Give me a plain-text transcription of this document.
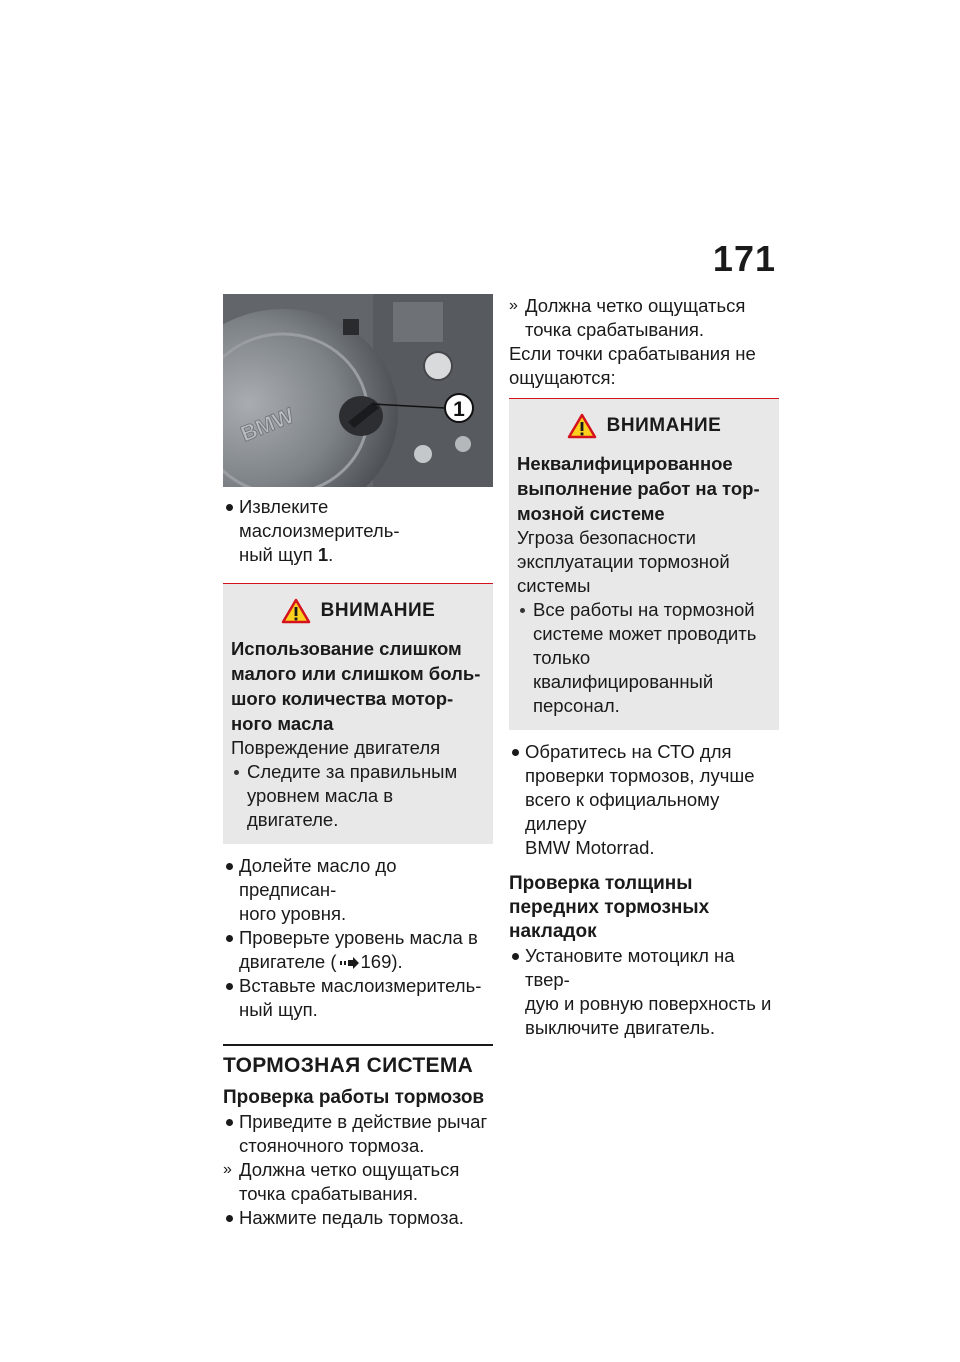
171
BMW	1
Извлеките маслоизмеритель-
ный щуп 1.
ВНИМАНИЕ
Использование слишком
малого или слишком боль-
шого количества мотор-
ного масла

Повреждение двигателя

Следите за правильным
уровнем масла в двигателе.
Долейте масло до предписан-
ного уровня.
Проверьте уровень масла в
двигателе ( 169).
Вставьте маслоизмеритель-
ный щуп.
ТОРМОЗНАЯ СИСТЕМА
Проверка работы тормозов
Приведите в действие рычаг
стояночного тормоза.
» Должна четко ощущаться
точка срабатывания.
Нажмите педаль тормоза.
» Должна четко ощущаться
точка срабатывания.
Если точки срабатывания не
ощущаются:
ВНИМАНИЕ
Неквалифицированное
выполнение работ на тор-
мозной системе
Угроза безопасности
эксплуатации тормозной
системы
Все работы на тормозной
системе может проводить
только квалифицированный
персонал.
Обратитесь на СТО для
проверки тормозов, лучше
всего к официальному дилеру
BMW Motorrad.
Проверка толщины
передних тормозных
накладок
Установите мотоцикл на твер-
дую и ровную поверхность и
выключите двигатель.
